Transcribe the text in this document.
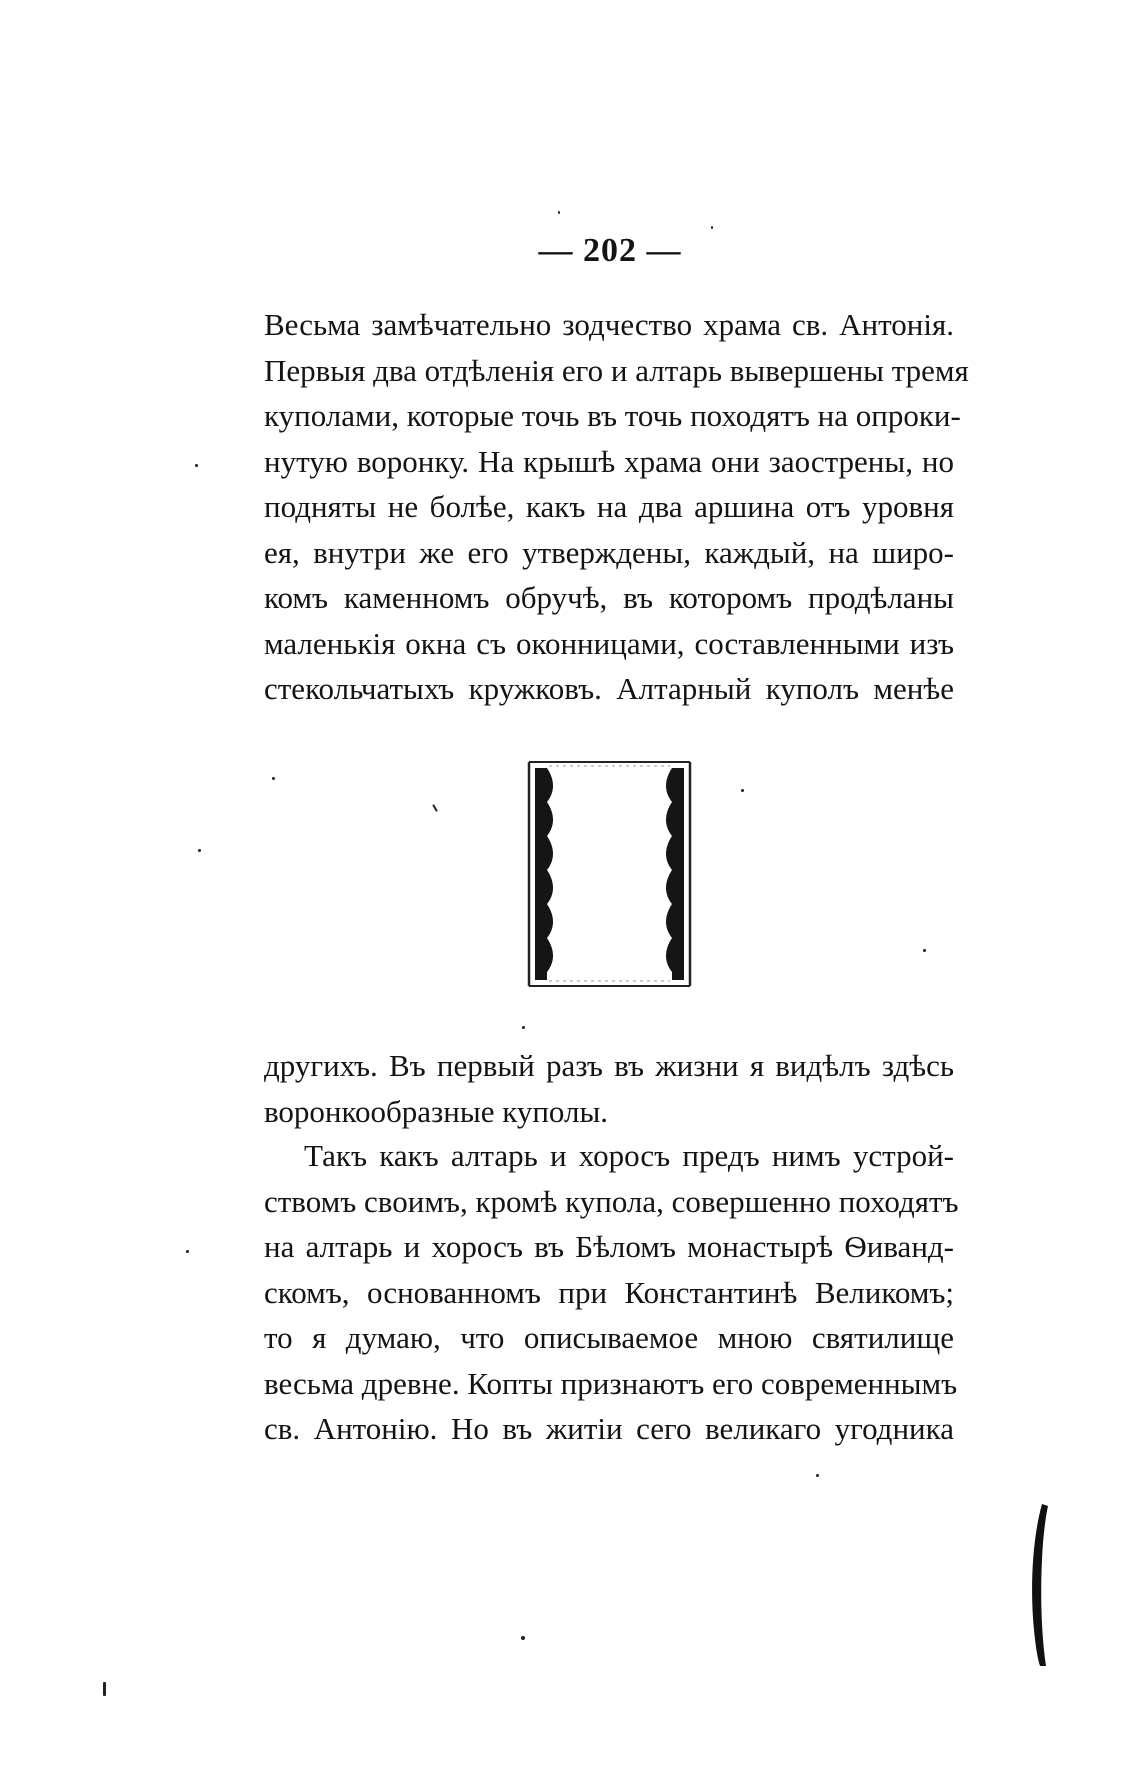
— 202 —
Весьма замѣчательно зодчество храма св. Антонія.
Первыя два отдѣленія его и алтарь вывершены тремя
куполами, которые точь въ точь походятъ на опроки-
нутую воронку. На крышѣ храма они заострены, но
подняты не болѣе, какъ на два аршина отъ уровня
ея, внутри же его утверждены, каждый, на широ-
комъ каменномъ обручѣ, въ которомъ продѣланы
маленькія окна съ оконницами, составленными изъ
стекольчатыхъ кружковъ. Алтарный куполъ менѣе
другихъ. Въ первый разъ въ жизни я видѣлъ здѣсь
воронкообразные куполы.
Такъ какъ алтарь и хоросъ предъ нимъ устрой-
ствомъ своимъ, кромѣ купола, совершенно походятъ
на алтарь и хоросъ въ Бѣломъ монастырѣ Ѳиванд-
скомъ, основанномъ при Константинѣ Великомъ;
то я думаю, что описываемое мною святилище
весьма древне. Копты признаютъ его современнымъ
св. Антонію. Но въ житіи сего великаго угодника
